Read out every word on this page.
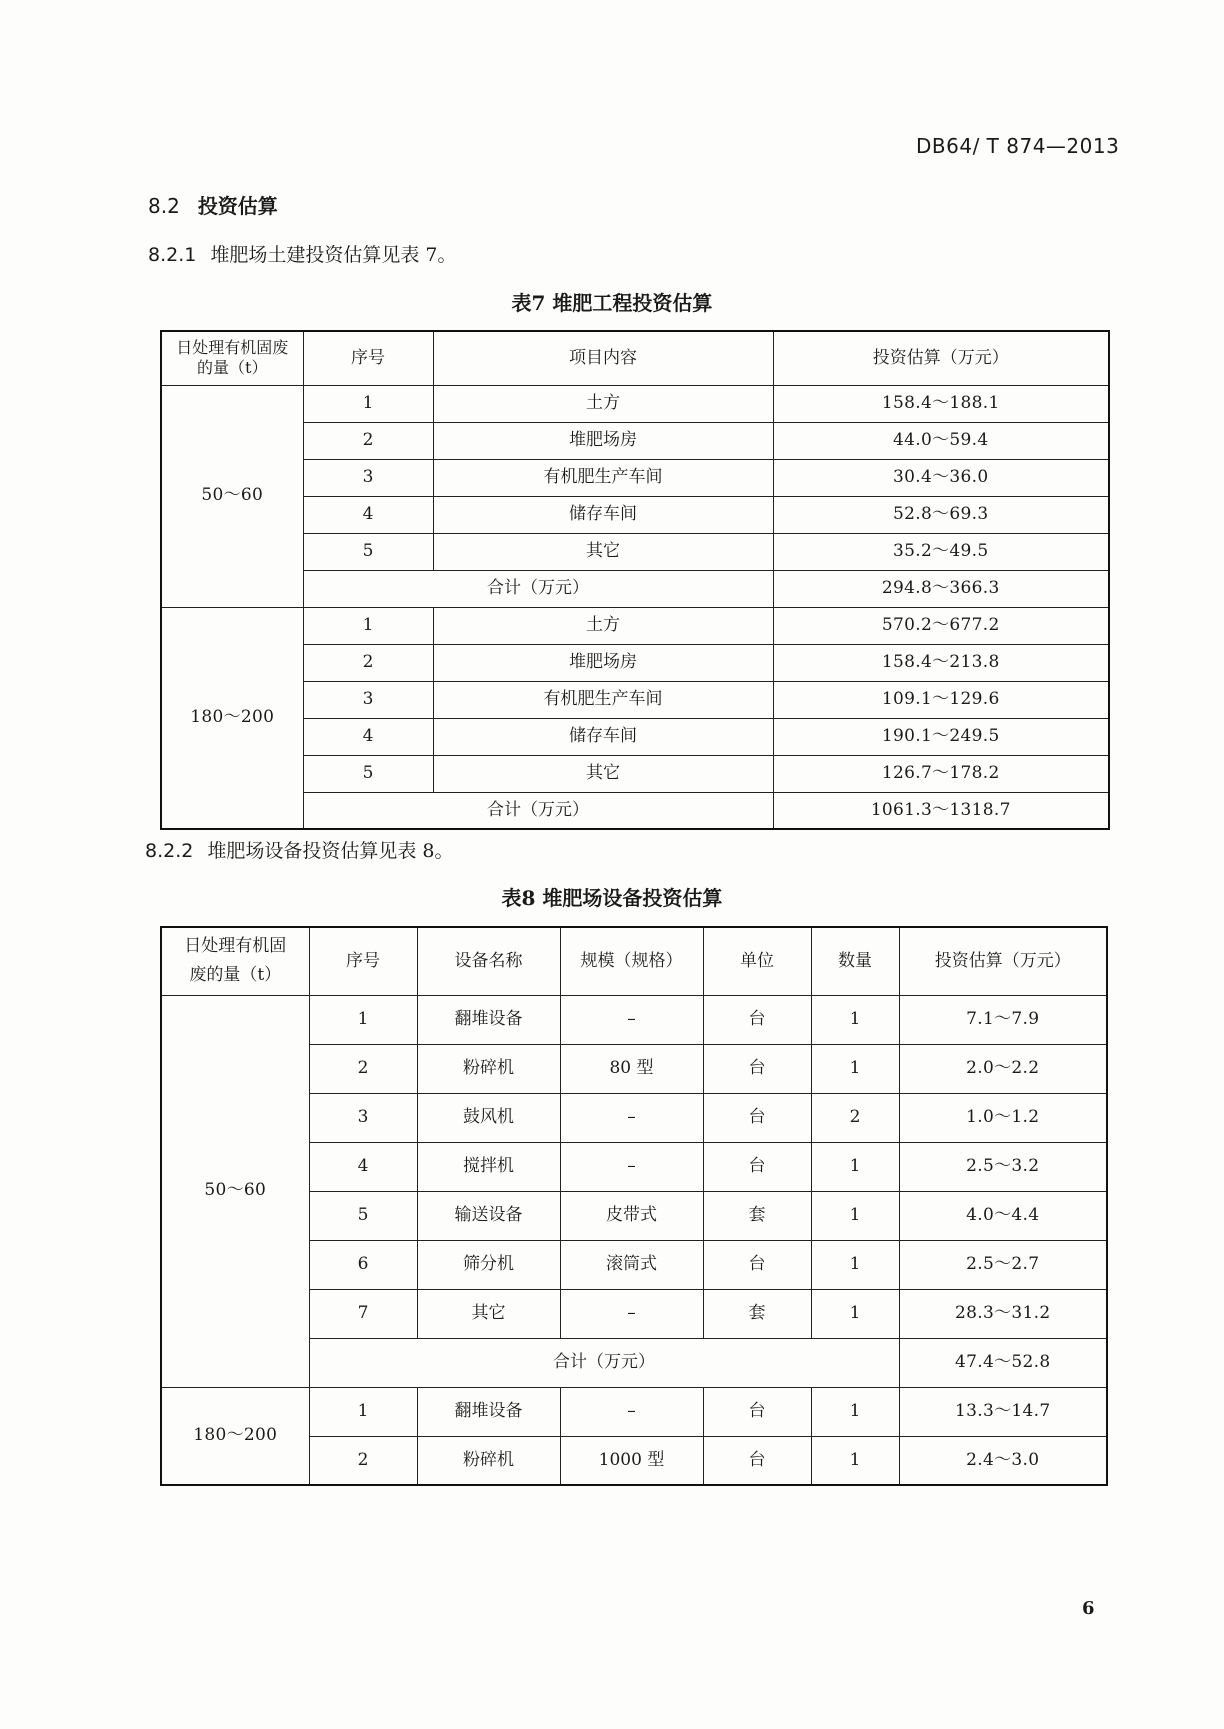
DB64/ T 874—2013
8.2 投资估算
8.2.1 堆肥场土建投资估算见表 7。
表7 堆肥工程投资估算
日处理有机固废的量（t）	序号	项目内容	投资估算（万元）
50～60	1	土方	158.4～188.1
	2	堆肥场房	44.0～59.4
	3	有机肥生产车间	30.4～36.0
	4	储存车间	52.8～69.3
	5	其它	35.2～49.5
	合计（万元）		294.8～366.3
180～200	1	土方	570.2～677.2
	2	堆肥场房	158.4～213.8
	3	有机肥生产车间	109.1～129.6
	4	储存车间	190.1～249.5
	5	其它	126.7～178.2
	合计（万元）		1061.3～1318.7
8.2.2 堆肥场设备投资估算见表 8。
表8 堆肥场设备投资估算
日处理有机固废的量（t）	序号	设备名称	规模（规格）	单位	数量	投资估算（万元）
50～60	1	翻堆设备	–	台	1	7.1～7.9
	2	粉碎机	80 型	台	1	2.0～2.2
	3	鼓风机	–	台	2	1.0～1.2
	4	搅拌机	–	台	1	2.5～3.2
	5	输送设备	皮带式	套	1	4.0～4.4
	6	筛分机	滚筒式	台	1	2.5～2.7
	7	其它	–	套	1	28.3～31.2
	合计（万元）					47.4～52.8
180～200	1	翻堆设备	–	台	1	13.3～14.7
	2	粉碎机	1000 型	台	1	2.4～3.0
6
